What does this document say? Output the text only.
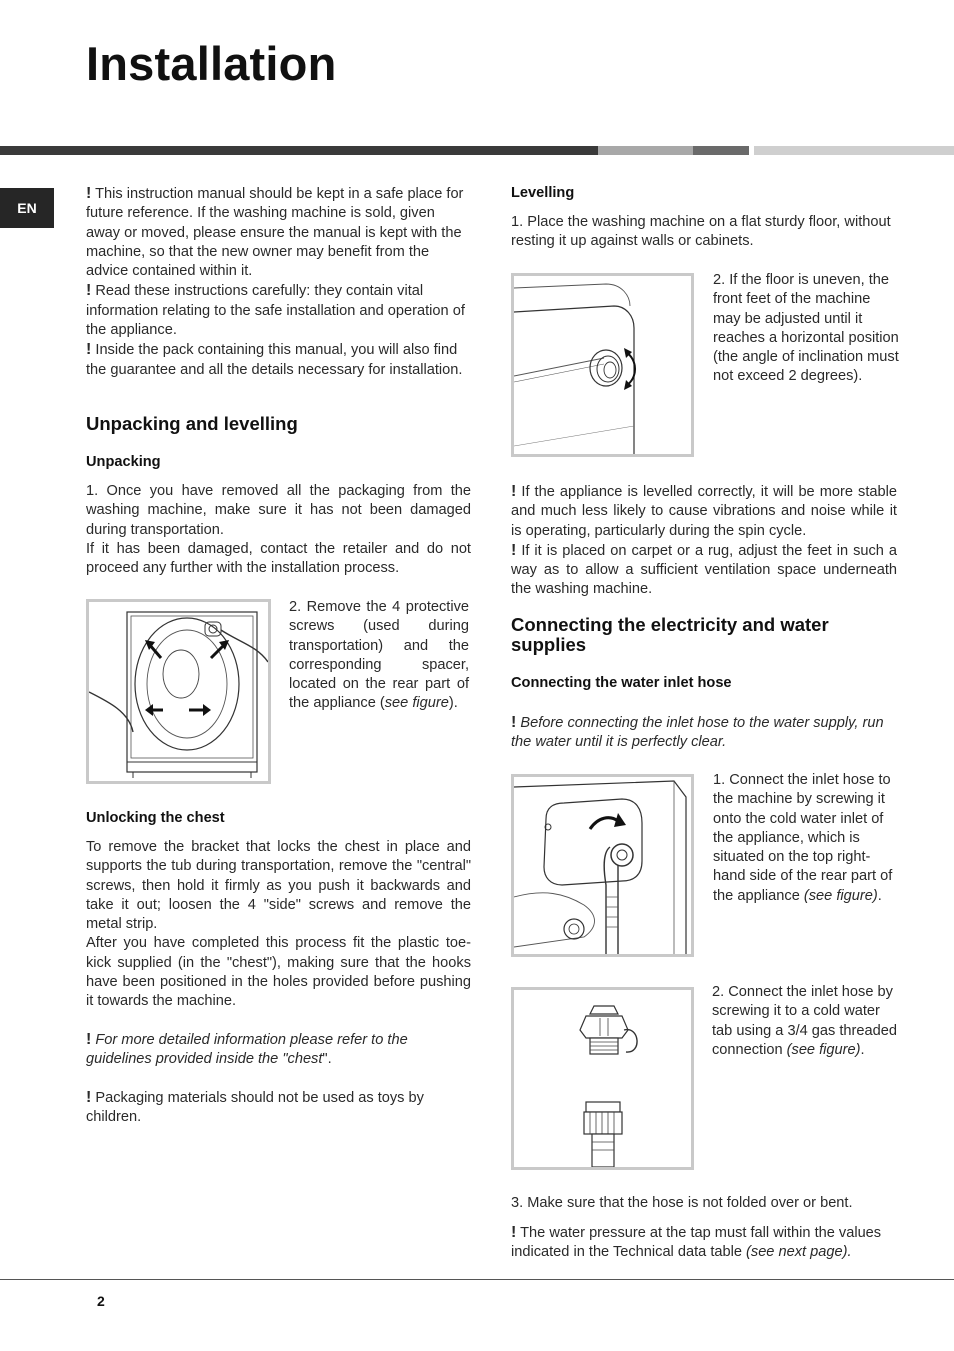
Installation
EN

! This instruction manual should be kept in a safe place for future reference. If the washing machine is sold, given away or moved, please ensure the manual is kept with the machine, so that the new owner may benefit from the advice contained within it.

! Read these instructions carefully: they contain vital information relating to the safe installation and operation of the appliance.

! Inside the pack containing this manual, you will also find the guarantee and all the details necessary for installation.

Unpacking and levelling
Unpacking

1. Once you have removed all the packaging from the washing machine, make sure it has not been damaged during transportation.

If it has been damaged, contact the retailer and do not proceed any further with the installation process.

2. Remove the 4 protective screws (used during transportation) and the corresponding spacer, located on the rear part of the appliance (see figure).
Unlocking the chest

To remove the bracket that locks the chest in place and supports the tub during transportation, remove the "central" screws, then hold it firmly as you push it backwards and take it out; loosen the 4 "side" screws and remove the metal strip.

After you have completed this process fit the plastic toe-kick supplied (in the "chest"), making sure that the hooks have been positioned in the holes provided before pushing it towards the machine.

! For more detailed information please refer to the guidelines provided inside the "chest".
! Packaging materials should not be used as toys by children.
Levelling

1. Place the washing machine on a flat sturdy floor, without resting it up against walls or cabinets.

2. If the floor is uneven, the front feet of the machine may be adjusted until it reaches a horizontal position (the angle of inclination must not exceed 2 degrees).

! If the appliance is levelled correctly, it will be more stable and much less likely to cause vibrations and noise while it is operating, particularly during the spin cycle.

! If it is placed on carpet or a rug, adjust the feet in such a way as to allow a sufficient ventilation space underneath the washing machine.

Connecting the electricity and water supplies
Connecting the water inlet hose
! Before connecting the inlet hose to the water supply, run the water until it is perfectly clear.
1. Connect the inlet hose to the machine by screwing it onto the cold water inlet of the appliance, which is situated on the top right-hand side of the rear part of the appliance (see figure).
2. Connect the inlet hose by screwing it to a cold water tab using a 3/4 gas threaded connection (see figure).
3. Make sure that the hose is not folded over or bent.
! The water pressure at the tap must fall within the values indicated in the Technical data table (see next page).
2
